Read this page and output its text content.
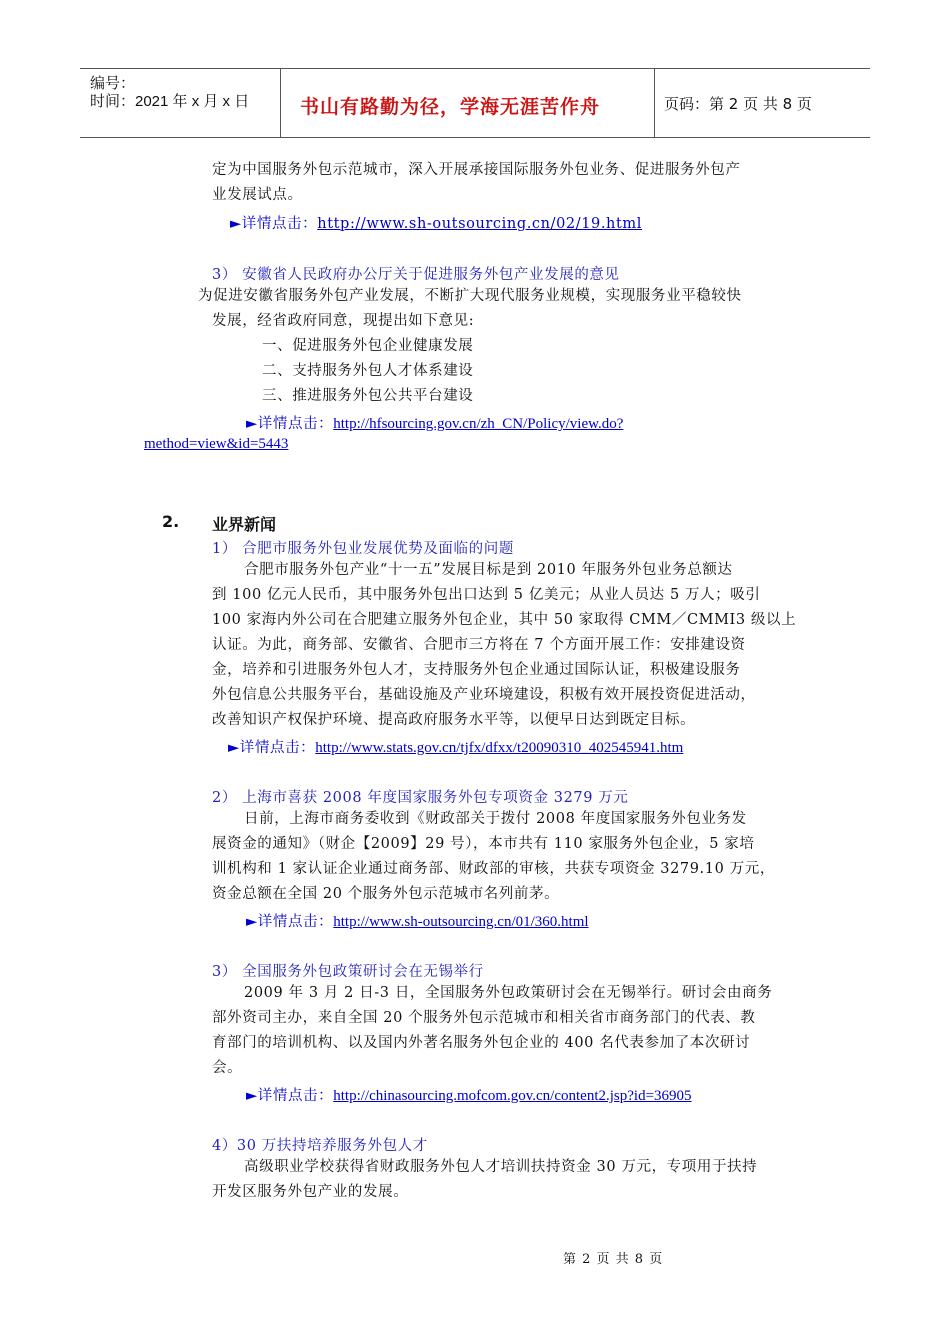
编号：
时间：2021 年 x 月 x 日	书山有路勤为径，学海无涯苦作舟	页码：第 2 页 共 8 页
定为中国服务外包示范城市，深入开展承接国际服务外包业务、促进服务外包产
业发展试点。
►详情点击：http://www.sh-outsourcing.cn/02/19.html
3） 安徽省人民政府办公厅关于促进服务外包产业发展的意见
为促进安徽省服务外包产业发展，不断扩大现代服务业规模，实现服务业平稳较快
发展，经省政府同意，现提出如下意见:
一、促进服务外包企业健康发展
二、支持服务外包人才体系建设
三、推进服务外包公共平台建设
►详情点击：http://hfsourcing.gov.cn/zh_CN/Policy/view.do?
method=view&id=5443
2. 业界新闻
1） 合肥市服务外包业发展优势及面临的问题
合肥市服务外包产业“十一五”发展目标是到 2010 年服务外包业务总额达
到 100 亿元人民币，其中服务外包出口达到 5 亿美元；从业人员达 5 万人；吸引
100 家海内外公司在合肥建立服务外包企业，其中 50 家取得 CMM／CMMI3 级以上
认证。为此，商务部、安徽省、合肥市三方将在 7 个方面开展工作：安排建设资
金，培养和引进服务外包人才，支持服务外包企业通过国际认证，积极建设服务
外包信息公共服务平台，基础设施及产业环境建设，积极有效开展投资促进活动，
改善知识产权保护环境、提高政府服务水平等，以便早日达到既定目标。
►详情点击：http://www.stats.gov.cn/tjfx/dfxx/t20090310_402545941.htm
2） 上海市喜获 2008 年度国家服务外包专项资金 3279 万元
日前，上海市商务委收到《财政部关于拨付 2008 年度国家服务外包业务发
展资金的通知》（财企【2009】29 号），本市共有 110 家服务外包企业，5 家培
训机构和 1 家认证企业通过商务部、财政部的审核，共获专项资金 3279.10 万元，
资金总额在全国 20 个服务外包示范城市名列前茅。
►详情点击：http://www.sh-outsourcing.cn/01/360.html
3） 全国服务外包政策研讨会在无锡举行
2009 年 3 月 2 日-3 日，全国服务外包政策研讨会在无锡举行。研讨会由商务
部外资司主办，来自全国 20 个服务外包示范城市和相关省市商务部门的代表、教
育部门的培训机构、以及国内外著名服务外包企业的 400 名代表参加了本次研讨
会。
►详情点击：http://chinasourcing.mofcom.gov.cn/content2.jsp?id=36905
4）30 万扶持培养服务外包人才
高级职业学校获得省财政服务外包人才培训扶持资金 30 万元，专项用于扶持
开发区服务外包产业的发展。
第 2 页 共 8 页
